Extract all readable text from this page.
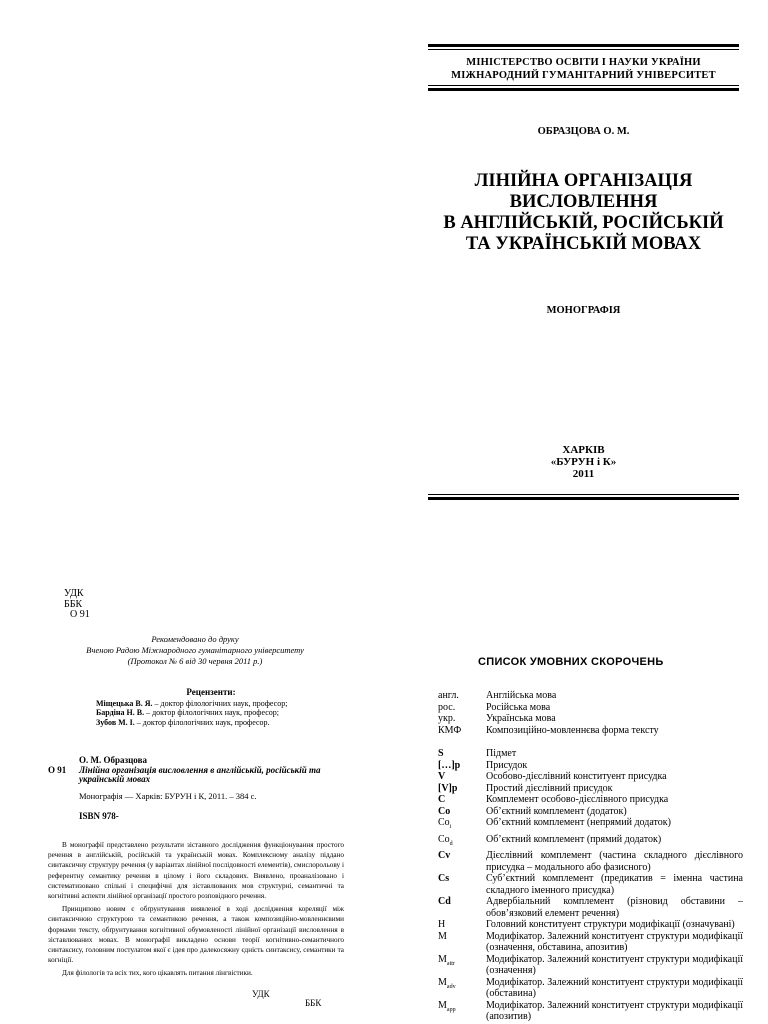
МІНІСТЕРСТВО ОСВІТИ І НАУКИ УКРАЇНИ
МІЖНАРОДНИЙ ГУМАНІТАРНИЙ УНІВЕРСИТЕТ
ОБРАЗЦОВА О. М.
ЛІНІЙНА ОРГАНІЗАЦІЯ
ВИСЛОВЛЕННЯ
В АНГЛІЙСЬКІЙ, РОСІЙСЬКІЙ
ТА УКРАЇНСЬКІЙ МОВАХ
МОНОГРАФІЯ
ХАРКІВ
«БУРУН і К»
2011
УДК
ББК
О 91
Рекомендовано до друку
Вченою Радою Міжнародного гуманітарного університету
(Протокол № 6 від 30 червня 2011 р.)
Рецензенти:
Міщецька В. Я. – доктор філологічних наук, професор;
Бардіна Н. В. – доктор філологічних наук, професор;
Зубов М. І. – доктор філологічних наук, професор.
О 91
О. М. Образцова
Лінійна організація висловлення в англійській, російській та українській мовах
Монографія — Харків: БУРУН і К, 2011. – 384 с.
ISBN 978-

В монографії представлено результати зіставного дослідження функціонування простого речення в англійській, російській та українській мовах. Комплексному аналізу піддано синтаксичну структуру речення (у варіантах лінійної послідовності елементів), смислорольову і референтну семантику речення в цілому і його складових. Виявлено, проаналізовано і систематизовано спільні і специфічні для зіставлюваних мов структурні, семантичні та когнітивні аспекти лінійної організації простого розповідного речення.

Принципово новим є обґрунтування виявленої в ході дослідження кореляції між синтаксичною структурою та семантикою речення, а також композиційно-мовленнєвими формами тексту, обґрунтування когнітивної обумовленості лінійної організації висловлення в зіставлюваних мовах. В монографії викладено основи теорії когнітивно-семантичного синтаксису, головним постулатом якої є ідея про далекосяжну єдність синтаксису, семантики та когніції.

Для філологів та всіх тих, кого цікавлять питання лінгвістики.

УДК
ББК
СПИСОК УМОВНИХ СКОРОЧЕНЬ
англ.	Англійська мова
рос.	Російська мова
укр.	Українська мова
КМФ	Композиційно-мовленнєва форма тексту
S	Підмет
[…]p	Присудок
V	Особово-дієслівний конституент присудка
[V]p	Простий дієслівний присудок
C	Комплемент особово-дієслівного присудка
Co	Об’єктний комплемент (додаток)
$Co_i$	Об’єктний комплемент (непрямий додаток)
$Co_d$	Об’єктний комплемент (прямий додаток)
Cv	Дієслівний комплемент (частина складного дієслівного присудка – модального або фазисного)
Cs	Суб’єктний комплемент (предикатив = іменна частина складного іменного присудка)
Cd	Адвербіальний комплемент (різновид обставини – обов’язковий елемент речення)
H	Головний конституент структури модифікації (означувані)
M	Модифікатор. Залежний конституент структури модифікації (означення, обставина, апозитив)
$M_{attr}$	Модифікатор. Залежний конституент структури модифікації (означення)
$M_{adv}$	Модифікатор. Залежний конституент структури модифікації (обставина)
$M_{app}$	Модифікатор. Залежний конституент структури модифікації (апозитив)
